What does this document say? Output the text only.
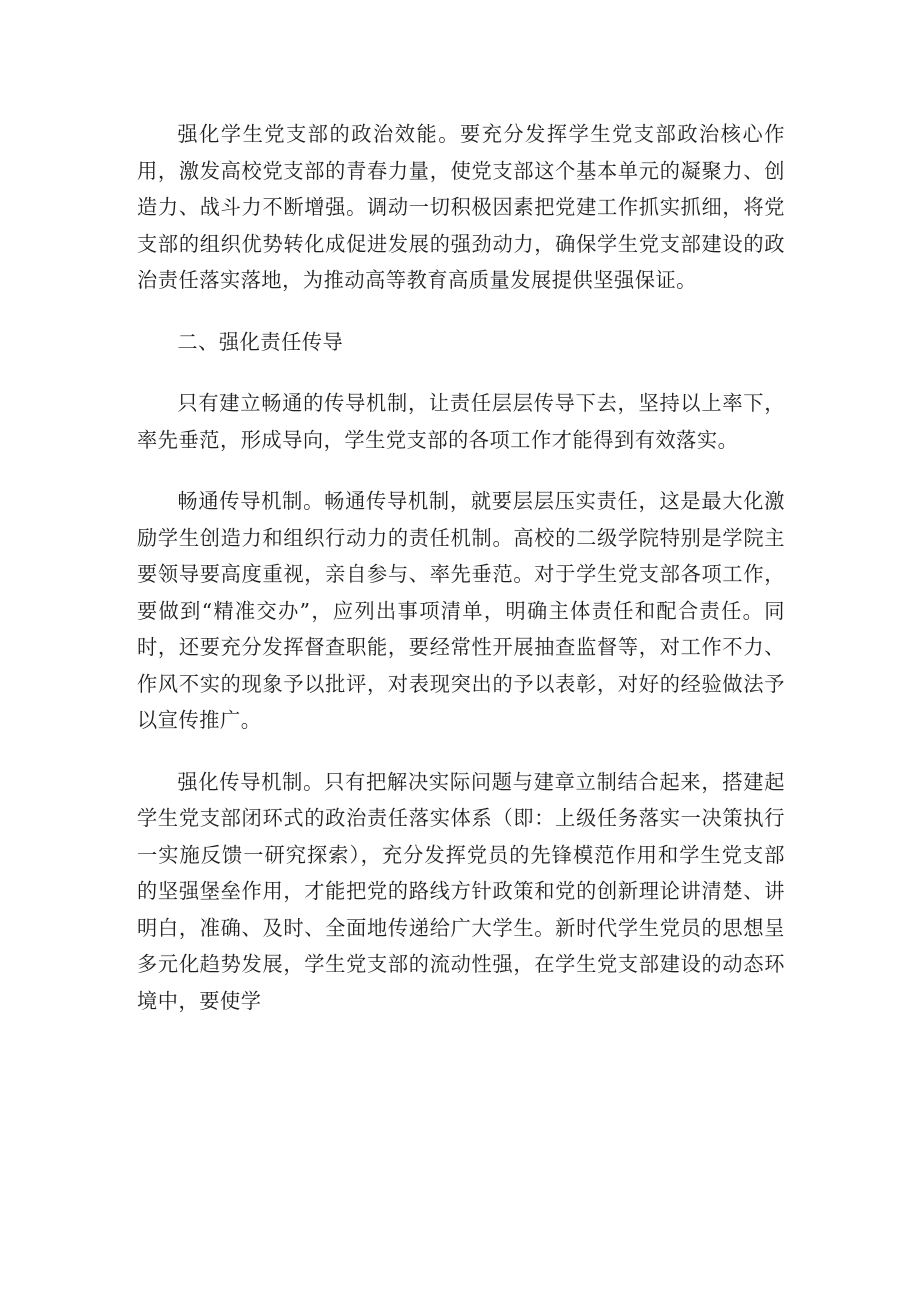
强化学生党支部的政治效能。要充分发挥学生党支部政治核心作用，激发高校党支部的青春力量，使党支部这个基本单元的凝聚力、创造力、战斗力不断增强。调动一切积极因素把党建工作抓实抓细，将党支部的组织优势转化成促进发展的强劲动力，确保学生党支部建设的政治责任落实落地，为推动高等教育高质量发展提供坚强保证。

二、强化责任传导

只有建立畅通的传导机制，让责任层层传导下去，坚持以上率下，率先垂范，形成导向，学生党支部的各项工作才能得到有效落实。

畅通传导机制。畅通传导机制，就要层层压实责任，这是最大化激励学生创造力和组织行动力的责任机制。高校的二级学院特别是学院主要领导要高度重视，亲自参与、率先垂范。对于学生党支部各项工作，要做到“精准交办”，应列出事项清单，明确主体责任和配合责任。同时，还要充分发挥督查职能，要经常性开展抽查监督等，对工作不力、作风不实的现象予以批评，对表现突出的予以表彰，对好的经验做法予以宣传推广。

强化传导机制。只有把解决实际问题与建章立制结合起来，搭建起学生党支部闭环式的政治责任落实体系（即：上级任务落实一决策执行一实施反馈一研究探索），充分发挥党员的先锋模范作用和学生党支部的坚强堡垒作用，才能把党的路线方针政策和党的创新理论讲清楚、讲明白，准确、及时、全面地传递给广大学生。新时代学生党员的思想呈多元化趋势发展，学生党支部的流动性强，在学生党支部建设的动态环境中，要使学
